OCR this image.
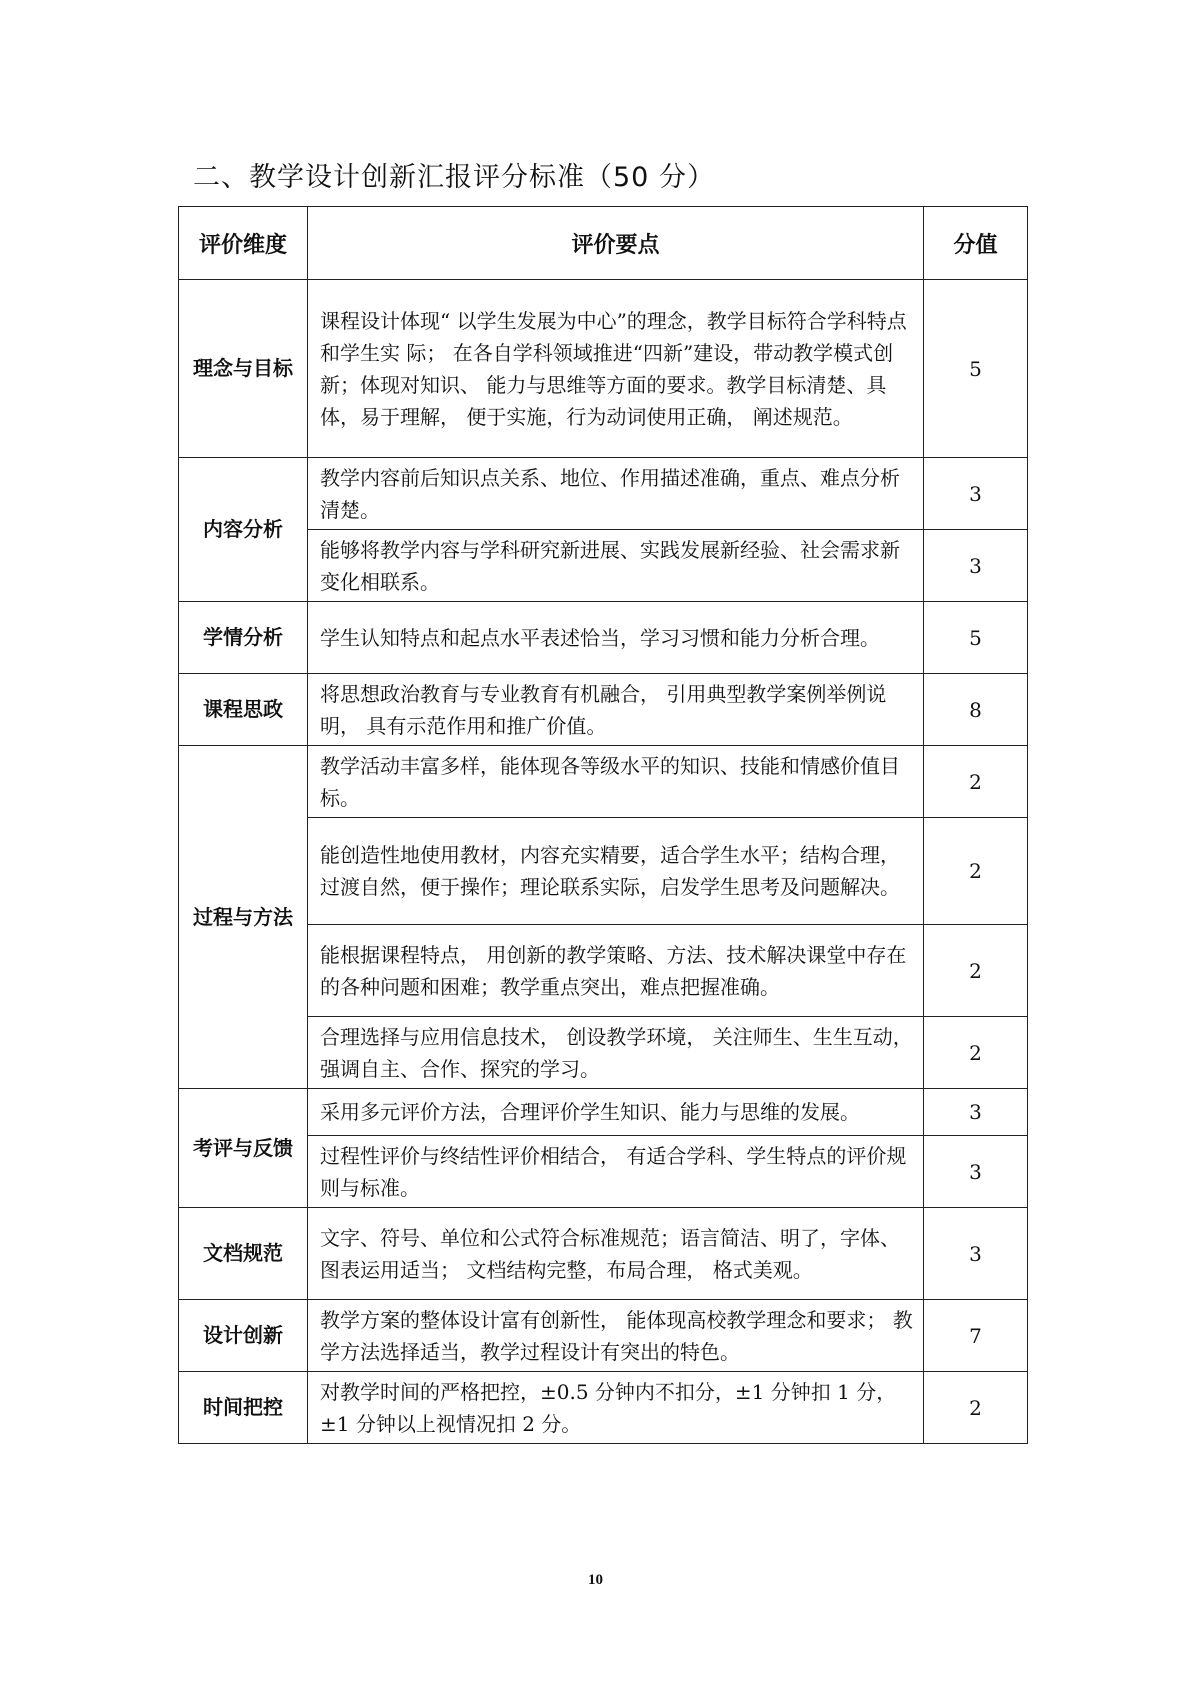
二、教学设计创新汇报评分标准（50 分）
评价维度	评价要点	分值
理念与目标	课程设计体现“ 以学生发展为中心”的理念，教学目标符合学科特点和学生实 际； 在各自学科领域推进“四新”建设，带动教学模式创新；体现对知识、 能力与思维等方面的要求。教学目标清楚、具体，易于理解， 便于实施，行为动词使用正确， 阐述规范。	5
内容分析	教学内容前后知识点关系、地位、作用描述准确，重点、难点分析清楚。	3
	能够将教学内容与学科研究新进展、实践发展新经验、社会需求新变化相联系。	3
学情分析	学生认知特点和起点水平表述恰当，学习习惯和能力分析合理。	5
课程思政	将思想政治教育与专业教育有机融合， 引用典型教学案例举例说明， 具有示范作用和推广价值。	8
过程与方法	教学活动丰富多样，能体现各等级水平的知识、技能和情感价值目标。	2
	能创造性地使用教材，内容充实精要，适合学生水平；结构合理， 过渡自然，便于操作；理论联系实际，启发学生思考及问题解决。	2
	能根据课程特点， 用创新的教学策略、方法、技术解决课堂中存在的各种问题和困难；教学重点突出，难点把握准确。	2
	合理选择与应用信息技术， 创设教学环境， 关注师生、生生互动， 强调自主、合作、探究的学习。	2
考评与反馈	采用多元评价方法，合理评价学生知识、能力与思维的发展。	3
	过程性评价与终结性评价相结合， 有适合学科、学生特点的评价规则与标准。	3
文档规范	文字、符号、单位和公式符合标准规范；语言简洁、明了，字体、 图表运用适当； 文档结构完整，布局合理， 格式美观。	3
设计创新	教学方案的整体设计富有创新性， 能体现高校教学理念和要求； 教学方法选择适当，教学过程设计有突出的特色。	7
时间把控	对教学时间的严格把控，±0.5 分钟内不扣分，±1 分钟扣 1 分，±1 分钟以上视情况扣 2 分。	2
10
